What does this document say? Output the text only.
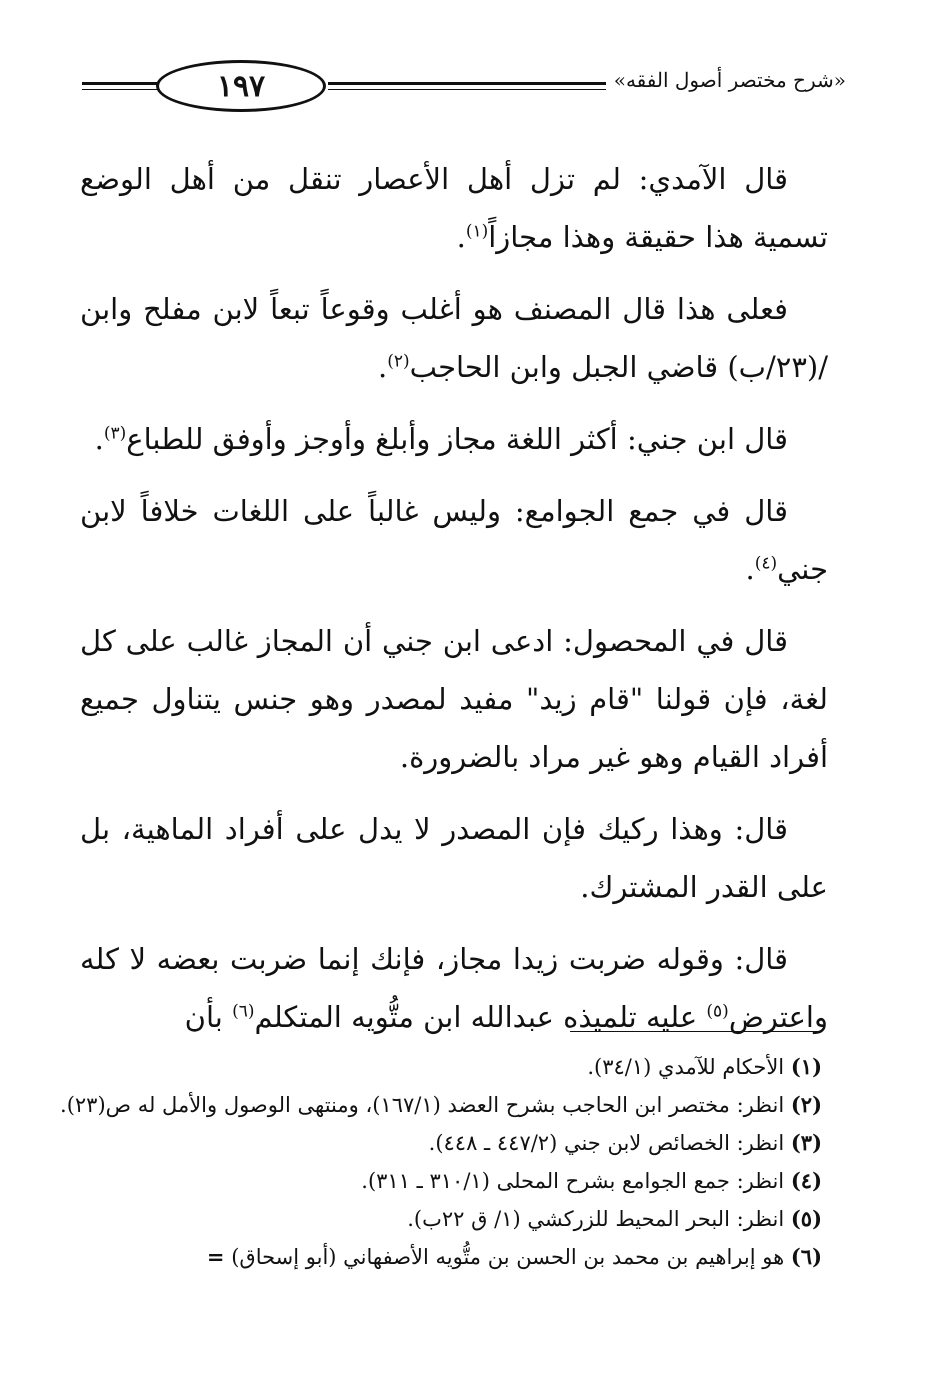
١٩٧	«شرح مختصر أصول الفقه»

قال الآمدي: لم تزل أهل الأعصار تنقل من أهل الوضع تسمية هذا حقيقة وهذا مجازاً$^{(١)}$.

فعلى هذا قال المصنف هو أغلب وقوعاً تبعاً لابن مفلح وابن /(٢٣/ب) قاضي الجبل وابن الحاجب$^{(٢)}$.

قال ابن جني: أكثر اللغة مجاز وأبلغ وأوجز وأوفق للطباع$^{(٣)}$.

قال في جمع الجوامع: وليس غالباً على اللغات خلافاً لابن جني$^{(٤)}$.

قال في المحصول: ادعى ابن جني أن المجاز غالب على كل لغة، فإن قولنا "قام زيد" مفيد لمصدر وهو جنس يتناول جميع أفراد القيام وهو غير مراد بالضرورة.

قال: وهذا ركيك فإن المصدر لا يدل على أفراد الماهية، بل على القدر المشترك.

قال: وقوله ضربت زيدا مجاز، فإنك إنما ضربت بعضه لا كله واعترض$^{(٥)}$ عليه تلميذه عبدالله ابن متُّويه المتكلم$^{(٦)}$ بأن

(١) الأحكام للآمدي (٣٤/١).

(٢) انظر: مختصر ابن الحاجب بشرح العضد (١٦٧/١)، ومنتهى الوصول والأمل له ص(٢٣).

(٣) انظر: الخصائص لابن جني (٤٤٧/٢ ـ ٤٤٨).

(٤) انظر: جمع الجوامع بشرح المحلى (٣١٠/١ ـ ٣١١).

(٥) انظر: البحر المحيط للزركشي (١/ ق ٢٢ب).

(٦) هو إبراهيم بن محمد بن الحسن بن متُّويه الأصفهاني (أبو إسحاق) =
